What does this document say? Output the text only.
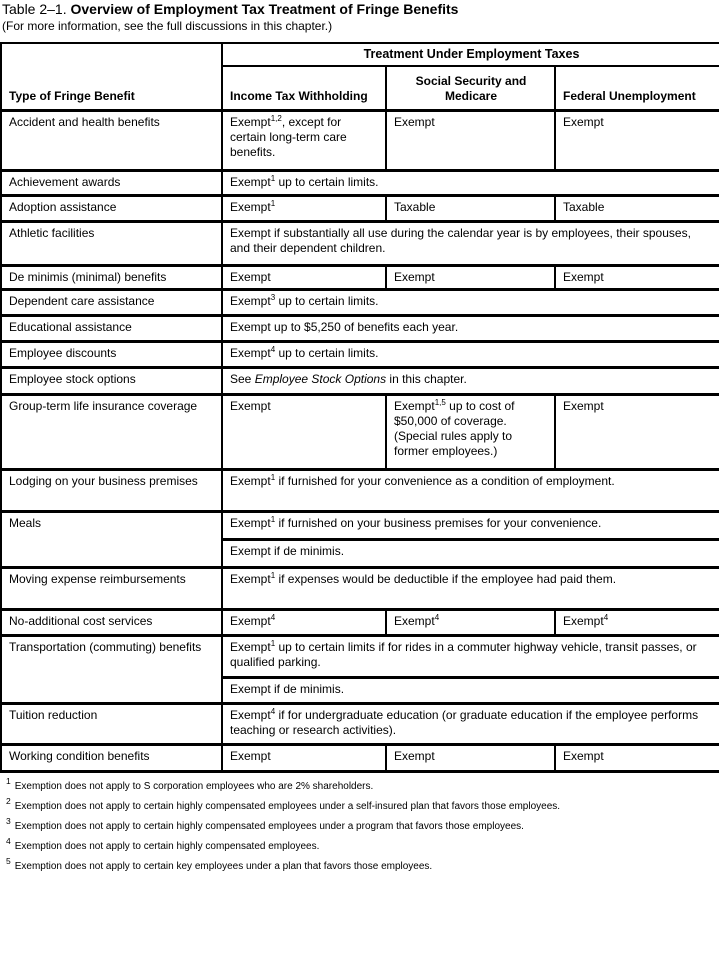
Table 2–1. Overview of Employment Tax Treatment of Fringe Benefits
(For more information, see the full discussions in this chapter.)
Type of Fringe Benefit	Treatment Under Employment Taxes		
	Income Tax Withholding	Social Security and Medicare	Federal Unemployment
Accident and health benefits	Exempt$^{1,2}$, except for certain long-term care benefits.	Exempt	Exempt
Achievement awards	Exempt$^1$ up to certain limits.		
Adoption assistance	Exempt$^1$	Taxable	Taxable
Athletic facilities	Exempt if substantially all use during the calendar year is by employees, their spouses, and their dependent children.		
De minimis (minimal) benefits	Exempt	Exempt	Exempt
Dependent care assistance	Exempt$^3$ up to certain limits.		
Educational assistance	Exempt up to $5,250 of benefits each year.		
Employee discounts	Exempt$^4$ up to certain limits.		
Employee stock options	See Employee Stock Options in this chapter.		
Group-term life insurance coverage	Exempt	Exempt$^{1,5}$ up to cost of $50,000 of coverage. (Special rules apply to former employees.)	Exempt
Lodging on your business premises	Exempt$^1$ if furnished for your convenience as a condition of employment.		
Meals	Exempt$^1$ if furnished on your business premises for your convenience.		
	Exempt if de minimis.		
Moving expense reimbursements	Exempt$^1$ if expenses would be deductible if the employee had paid them.		
No-additional cost services	Exempt$^4$	Exempt$^4$	Exempt$^4$
Transportation (commuting) benefits	Exempt$^1$ up to certain limits if for rides in a commuter highway vehicle, transit passes, or qualified parking.		
	Exempt if de minimis.		
Tuition reduction	Exempt$^4$ if for undergraduate education (or graduate education if the employee performs teaching or research activities).		
Working condition benefits	Exempt	Exempt	Exempt
$^1$ Exemption does not apply to S corporation employees who are 2% shareholders.
$^2$ Exemption does not apply to certain highly compensated employees under a self-insured plan that favors those employees.
$^3$ Exemption does not apply to certain highly compensated employees under a program that favors those employees.
$^4$ Exemption does not apply to certain highly compensated employees.
$^5$ Exemption does not apply to certain key employees under a plan that favors those employees.
